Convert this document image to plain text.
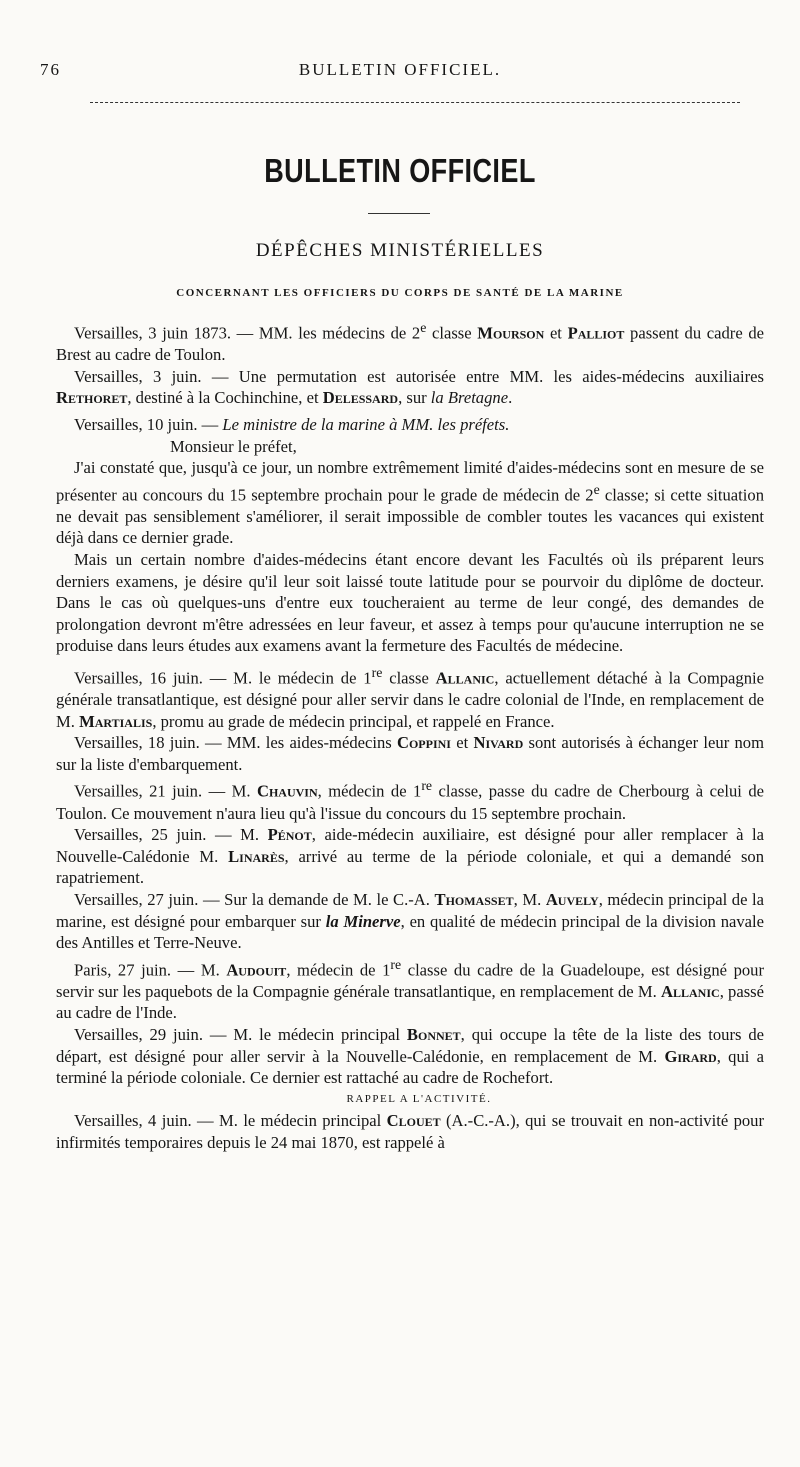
76	BULLETIN OFFICIEL.
BULLETIN OFFICIEL
DÉPÊCHES MINISTÉRIELLES
CONCERNANT LES OFFICIERS DU CORPS DE SANTÉ DE LA MARINE

Versailles, 3 juin 1873. — MM. les médecins de 2e classe Mourson et Palliot passent du cadre de Brest au cadre de Toulon.

Versailles, 3 juin. — Une permutation est autorisée entre MM. les aides-médecins auxiliaires Rethoret, destiné à la Cochinchine, et Delessard, sur la Bretagne.

Versailles, 10 juin. — Le ministre de la marine à MM. les préfets.

Monsieur le préfet,

J'ai constaté que, jusqu'à ce jour, un nombre extrêmement limité d'aides-médecins sont en mesure de se présenter au concours du 15 septembre prochain pour le grade de médecin de 2e classe; si cette situation ne devait pas sensiblement s'améliorer, il serait impossible de combler toutes les vacances qui existent déjà dans ce dernier grade.

Mais un certain nombre d'aides-médecins étant encore devant les Facultés où ils préparent leurs derniers examens, je désire qu'il leur soit laissé toute latitude pour se pourvoir du diplôme de docteur. Dans le cas où quelques-uns d'entre eux toucheraient au terme de leur congé, des demandes de prolongation devront m'être adressées en leur faveur, et assez à temps pour qu'aucune interruption ne se produise dans leurs études aux examens avant la fermeture des Facultés de médecine.

Versailles, 16 juin. — M. le médecin de 1re classe Allanic, actuellement détaché à la Compagnie générale transatlantique, est désigné pour aller servir dans le cadre colonial de l'Inde, en remplacement de M. Martialis, promu au grade de médecin principal, et rappelé en France.

Versailles, 18 juin. — MM. les aides-médecins Coppini et Nivard sont autorisés à échanger leur nom sur la liste d'embarquement.

Versailles, 21 juin. — M. Chauvin, médecin de 1re classe, passe du cadre de Cherbourg à celui de Toulon. Ce mouvement n'aura lieu qu'à l'issue du concours du 15 septembre prochain.

Versailles, 25 juin. — M. Pénot, aide-médecin auxiliaire, est désigné pour aller remplacer à la Nouvelle-Calédonie M. Linarès, arrivé au terme de la période coloniale, et qui a demandé son rapatriement.

Versailles, 27 juin. — Sur la demande de M. le C.-A. Thomasset, M. Auvely, médecin principal de la marine, est désigné pour embarquer sur la Minerve, en qualité de médecin principal de la division navale des Antilles et Terre-Neuve.

Paris, 27 juin. — M. Audouit, médecin de 1re classe du cadre de la Guadeloupe, est désigné pour servir sur les paquebots de la Compagnie générale transatlantique, en remplacement de M. Allanic, passé au cadre de l'Inde.

Versailles, 29 juin. — M. le médecin principal Bonnet, qui occupe la tête de la liste des tours de départ, est désigné pour aller servir à la Nouvelle-Calédonie, en remplacement de M. Girard, qui a terminé la période coloniale. Ce dernier est rattaché au cadre de Rochefort.

RAPPEL A L'ACTIVITÉ.

Versailles, 4 juin. — M. le médecin principal Clouet (A.-C.-A.), qui se trouvait en non-activité pour infirmités temporaires depuis le 24 mai 1870, est rappelé à
